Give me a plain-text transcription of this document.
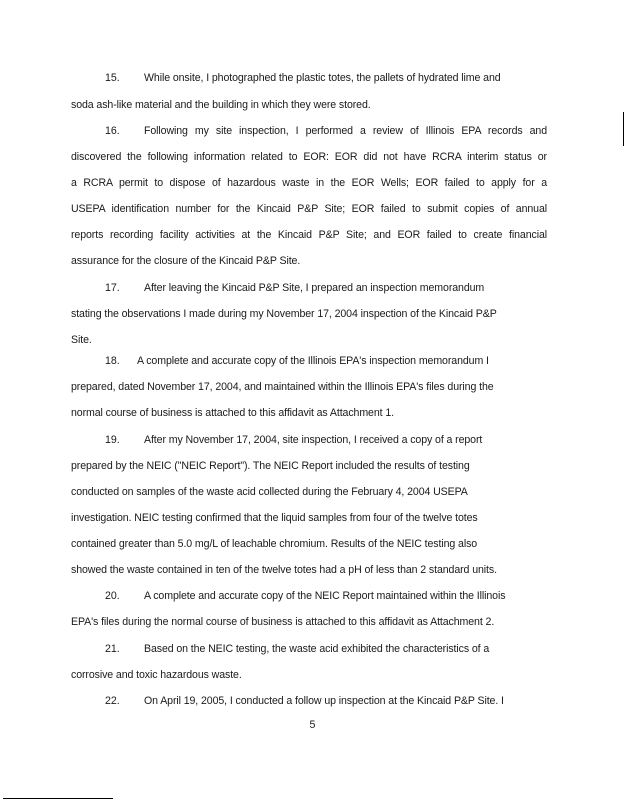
15. While onsite, I photographed the plastic totes, the pallets of hydrated lime and
soda ash-like material and the building in which they were stored.
16. Following my site inspection, I performed a review of Illinois EPA records and
discovered the following information related to EOR: EOR did not have RCRA interim status or
a RCRA permit to dispose of hazardous waste in the EOR Wells; EOR failed to apply for a
USEPA identification number for the Kincaid P&P Site; EOR failed to submit copies of annual
reports recording facility activities at the Kincaid P&P Site; and EOR failed to create financial
assurance for the closure of the Kincaid P&P Site.
17. After leaving the Kincaid P&P Site, I prepared an inspection memorandum
stating the observations I made during my November 17, 2004 inspection of the Kincaid P&P
Site.
18. A complete and accurate copy of the Illinois EPA's inspection memorandum I
prepared, dated November 17, 2004, and maintained within the Illinois EPA's files during the
normal course of business is attached to this affidavit as Attachment 1.
19. After my November 17, 2004, site inspection, I received a copy of a report
prepared by the NEIC ("NEIC Report"). The NEIC Report included the results of testing
conducted on samples of the waste acid collected during the February 4, 2004 USEPA
investigation. NEIC testing confirmed that the liquid samples from four of the twelve totes
contained greater than 5.0 mg/L of leachable chromium. Results of the NEIC testing also
showed the waste contained in ten of the twelve totes had a pH of less than 2 standard units.
20. A complete and accurate copy of the NEIC Report maintained within the Illinois
EPA's files during the normal course of business is attached to this affidavit as Attachment 2.
21. Based on the NEIC testing, the waste acid exhibited the characteristics of a
corrosive and toxic hazardous waste.
22. On April 19, 2005, I conducted a follow up inspection at the Kincaid P&P Site. I
5
